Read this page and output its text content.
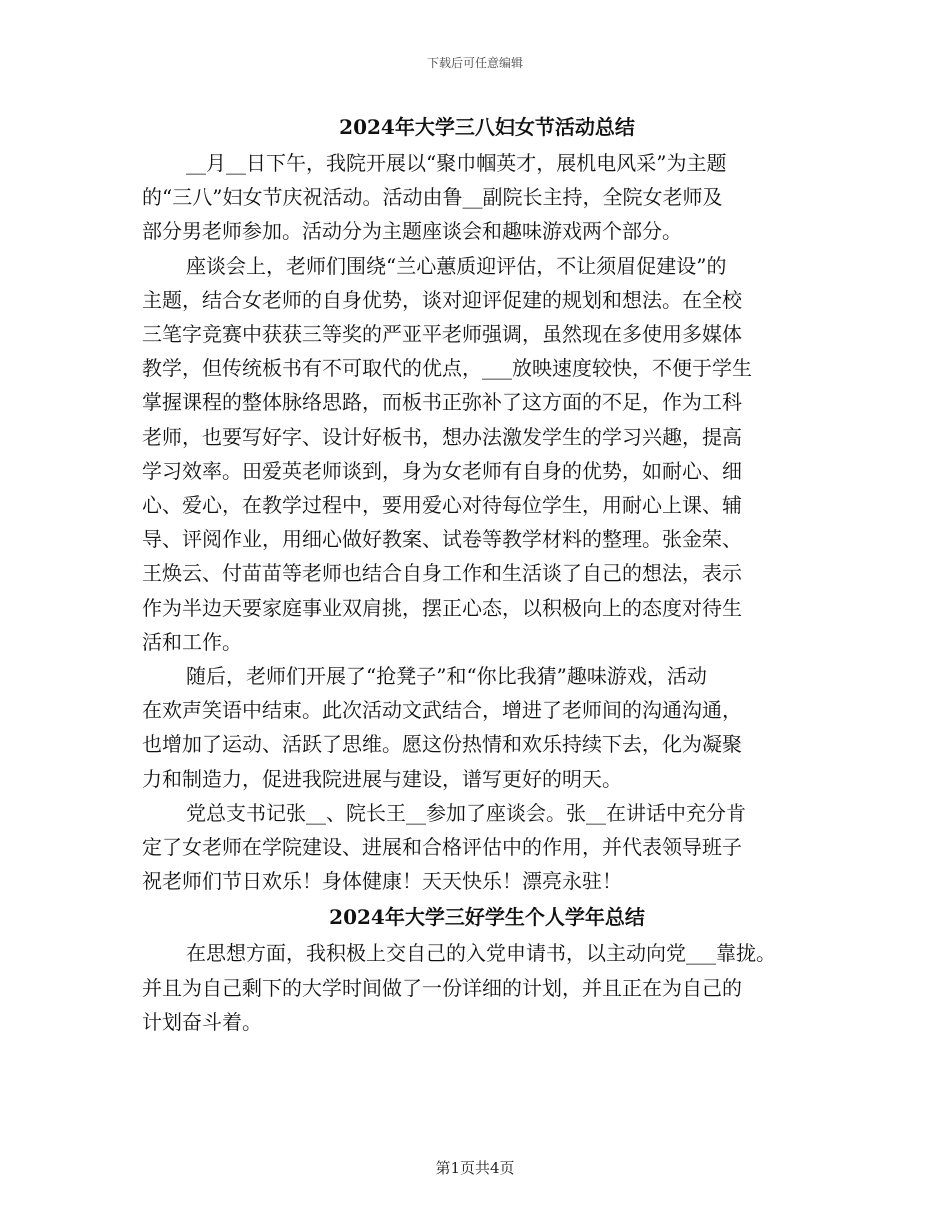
下载后可任意编辑
2024年大学三八妇女节活动总结

__月__日下午，我院开展以“聚巾帼英才，展机电风采”为主题
的“三八”妇女节庆祝活动。活动由鲁__副院长主持，全院女老师及
部分男老师参加。活动分为主题座谈会和趣味游戏两个部分。

座谈会上，老师们围绕“兰心蕙质迎评估，不让须眉促建设”的
主题，结合女老师的自身优势，谈对迎评促建的规划和想法。在全校
三笔字竞赛中获获三等奖的严亚平老师强调，虽然现在多使用多媒体
教学，但传统板书有不可取代的优点，___放映速度较快，不便于学生
掌握课程的整体脉络思路，而板书正弥补了这方面的不足，作为工科
老师，也要写好字、设计好板书，想办法激发学生的学习兴趣，提高
学习效率。田爱英老师谈到，身为女老师有自身的优势，如耐心、细
心、爱心，在教学过程中，要用爱心对待每位学生，用耐心上课、辅
导、评阅作业，用细心做好教案、试卷等教学材料的整理。张金荣、
王焕云、付苗苗等老师也结合自身工作和生活谈了自己的想法，表示
作为半边天要家庭事业双肩挑，摆正心态，以积极向上的态度对待生
活和工作。

随后，老师们开展了“抢凳子”和“你比我猜”趣味游戏，活动
在欢声笑语中结束。此次活动文武结合，增进了老师间的沟通沟通，
也增加了运动、活跃了思维。愿这份热情和欢乐持续下去，化为凝聚
力和制造力，促进我院进展与建设，谱写更好的明天。

党总支书记张__、院长王__参加了座谈会。张__在讲话中充分肯
定了女老师在学院建设、进展和合格评估中的作用，并代表领导班子
祝老师们节日欢乐！身体健康！天天快乐！漂亮永驻！

2024年大学三好学生个人学年总结

在思想方面，我积极上交自己的入党申请书，以主动向党___靠拢。
并且为自己剩下的大学时间做了一份详细的计划，并且正在为自己的
计划奋斗着。

第1页共4页
